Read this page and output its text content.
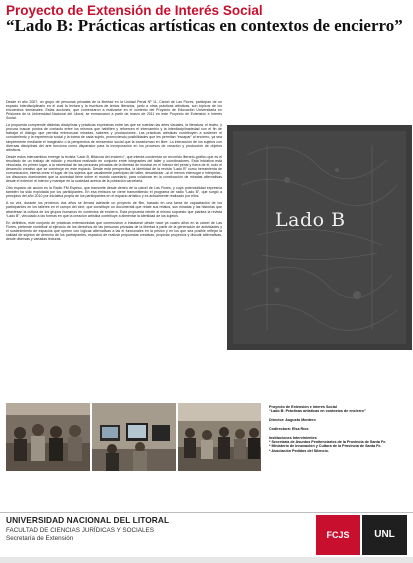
Proyecto de Extensión de Interés Social
“Lado B: Prácticas artísticas en contextos de encierro”

Desde el año 2007, un grupo de personas privadas de la libertad en la Unidad Penal Nº 11, Cárcel de Las Flores, participan de un espacio interdisciplinario en el cual la lectura y la escritura de textos literarios, junto a otras prácticas artísticas, son tópicos de los encuentros semanales. Estas acciones, que comenzaron a realizarse en el contexto del Proyecto de Educación Universitaria en Prisiones de la Universidad Nacional del Litoral, se enmarcaron a partir de marzo de 2011 en este Proyecto de Extensión e Interés Social.

La propuesta comprende distintas disciplinas y prácticas expresivas entre las que se cuentan las artes visuales, la literatura, el teatro, y procura buscar puntos de contacto entre los mismos que habiliten y refuercen el intercambio y la interdisciplinariedad con el fin de trabajar el diálogo que permita entrecruzar miradas, saberes y producciones. Las prácticas artísticas contribuyen a sostener el conocimiento y la experiencia social y la trama de cada sujeto, promoviendo posibilidades que les permitan “escapar” al encierro, ya sea simplemente mediante el imaginario o la perspectiva de reinserción social que la transforman en libre. La interacción de los sujetos con diversas disciplinas del arte funciona como disparador para la incorporación en los procesos de creación y producción de objetos artísticos.

Desde estos intercambios emerge la revista “Lado B, Bitácora del encierro”, que intenta condensar un recorrido literario-gráfico que es el resultado de un trabajo de edición y escritura realizado en conjunto entre integrantes del taller y coordinadores. Esta iniciativa está vinculada, en primer lugar, a la necesidad de las personas privadas de la libertad de mostrar en el interior del penal y fuera de él, todo el desarrollo creativo que se construye en este espacio. Desde esta perspectiva, la identidad de la revista “Lado B” como herramienta de comunicación, intenta crear el lugar de los sujetos que usualmente participan del taller, desarticular –si el menos interrogar e interpelar– los discursos dominantes que la sociedad tiene sobre el mundo carcelario, para colaborar en la construcción de miradas alternativas desde el exterior/ el interior y manejar en la sociedad acerca de la población carcelaria.

Otro espacio de acción es la Radio FM Espeso, que transmite desde dentro de la cárcel de Las Flores, y cuya potencialidad expresiva también ha sido explotada por los participantes. En esa emisora se viene transmitiendo el programa de radio “Lado B”, que surgió a principios del año 2010 por iniciativa propia de los participantes en el espacio artístico y es actualmente realizado por ellos.

A su vez, durante los próximos dos años se llevará adelante un proyecto de film, basado en una tarea de capacitación de los participantes en los talleres en el campo del cine, que constituye un documental que relate sus relatos, sus miradas y las historias que atraviesan la cultura de los grupos humanos en contextos de encierro. Esta propuesta remite al mismo supuesto que plantea la revista “Lado B”, vinculado a las formas en que la creación artística contribuye a alimentar la identidad de los sujetos.

En definitiva, este conjunto de prácticas extensionistas que comenzaron a instalarse desde hace ya cuatro años en la cárcel de Las Flores, pretende contribuir al ejercicio de los derechos de las personas privadas de la libertad a partir de la generación de actividades y el sostenimiento de espacios que operen con lógicas alternativas a las el funcionales en la prisión y en los que sea posible reflejar la calidad de sujetos de derecho de los participantes, espacios de realizar propuestas creativas, propiciar proyectos y discutir alternativas, desde diversas y variadas lecturas.

Lado B
Proyecto de Extensión e Interés Social
“Lado B: Prácticas artísticas en contextos de encierro”
Director: Augusto Montero
Codirectora: Elsa Ríos
Instituciones Intervinientes
* Secretaría de Asuntos Penitenciarios de la Provincia de Santa Fe.
* Ministerio de Innovación y Cultura de la Provincia de Santa Fe.
* Asociación Pedidos del Silencio.
UNIVERSIDAD NACIONAL DEL LITORAL
FACULTAD DE CIENCIAS JURÍDICAS Y SOCIALES
Secretaría de Extensión	FCJS	UNL
